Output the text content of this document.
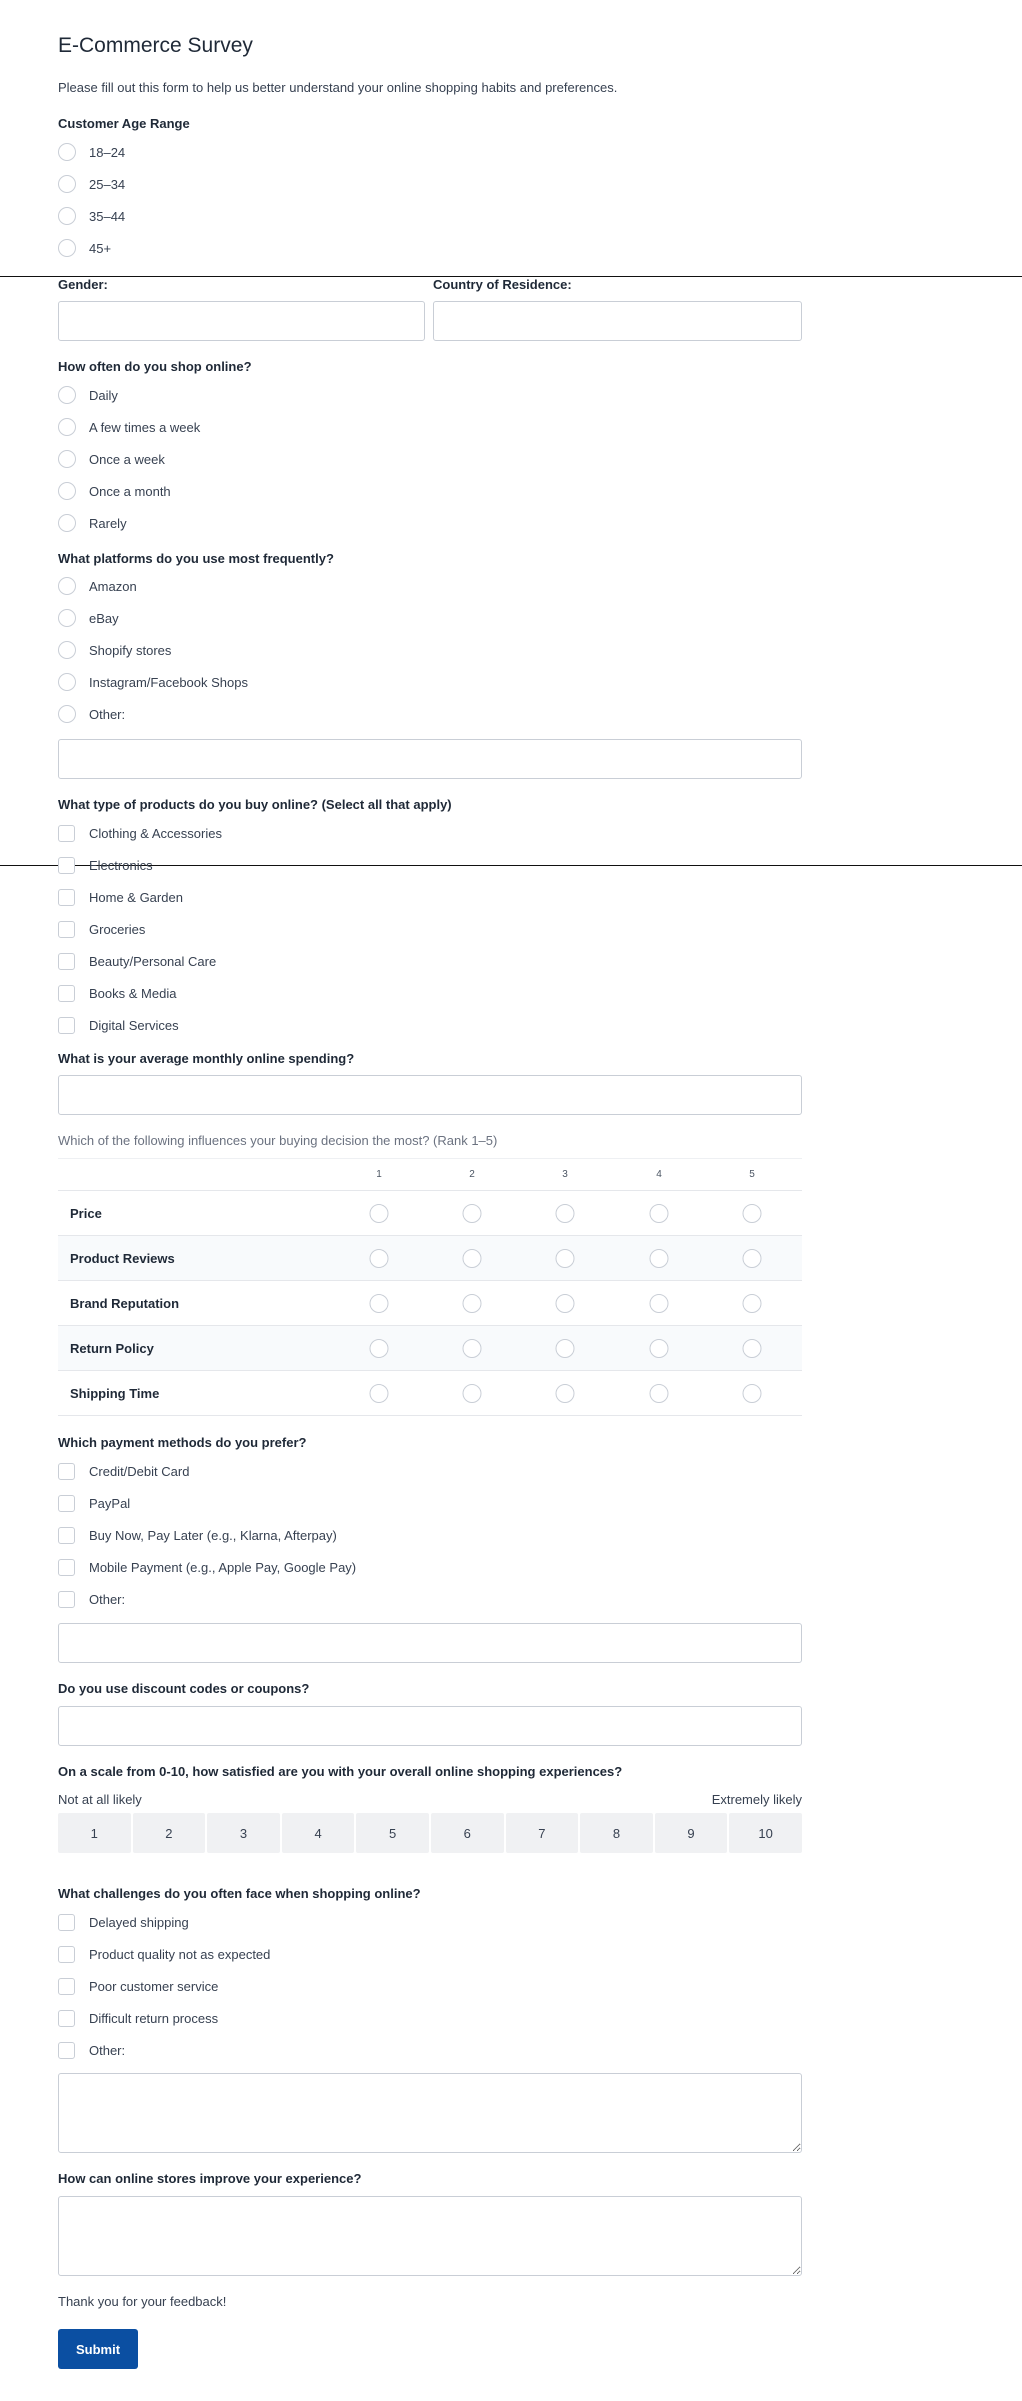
E-Commerce Survey
Please fill out this form to help us better understand your online shopping habits and preferences.
Customer Age Range
18–24
25–34
35–44
45+
Gender:	Country of Residence:
How often do you shop online?
Daily
A few times a week
Once a week
Once a month
Rarely
What platforms do you use most frequently?
Amazon
eBay
Shopify stores
Instagram/Facebook Shops
Other:
What type of products do you buy online? (Select all that apply)
Clothing & Accessories
Electronics
Home & Garden
Groceries
Beauty/Personal Care
Books & Media
Digital Services
What is your average monthly online spending?
Which of the following influences your buying decision the most? (Rank 1–5)
1	2	3	4	5
Price
Product Reviews
Brand Reputation
Return Policy
Shipping Time
Which payment methods do you prefer?
Credit/Debit Card
PayPal
Buy Now, Pay Later (e.g., Klarna, Afterpay)
Mobile Payment (e.g., Apple Pay, Google Pay)
Other:
Do you use discount codes or coupons?
On a scale from 0-10, how satisfied are you with your overall online shopping experiences?
Not at all likely	Extremely likely
1	2	3	4	5	6	7	8	9	10
What challenges do you often face when shopping online?
Delayed shipping
Product quality not as expected
Poor customer service
Difficult return process
Other:
How can online stores improve your experience?
Thank you for your feedback!
Submit
